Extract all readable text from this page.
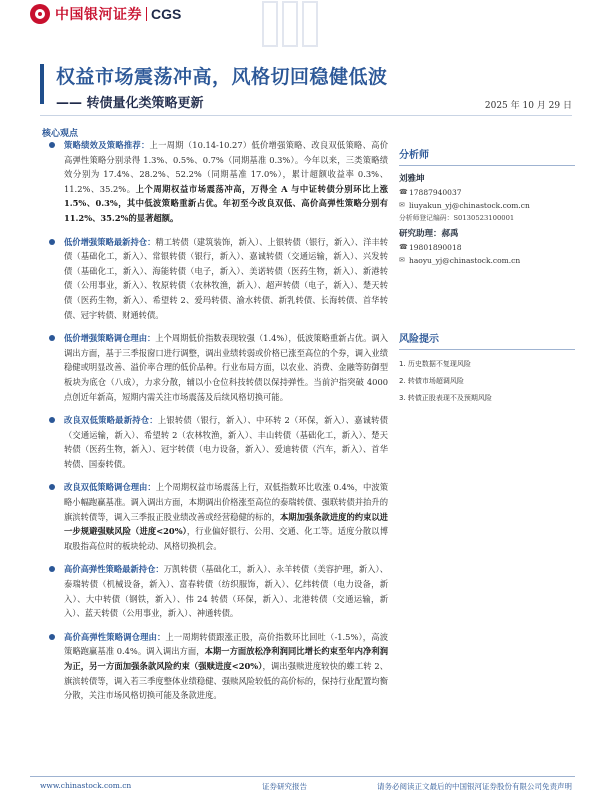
中国银河证券 CGS
权益市场震荡冲高，风格切回稳健低波
—— 转债量化类策略更新	2025 年 10 月 29 日
核心观点
策略绩效及策略推荐：上一周期（10.14-10.27）低价增强策略、改良双低策略、高价高弹性策略分别录得 1.3%、0.5%、0.7%（同期基准 0.3%）。今年以来，三类策略绩效分别为 17.4%、28.2%、52.2%（同期基准 17.0%），累计超额收益率 0.3%、11.2%、35.2%。上个周期权益市场震荡冲高，万得全 A 与中证转债分别环比上涨 1.5%、0.3%，其中低波策略重新占优。年初至今改良双低、高价高弹性策略分别有 11.2%、35.2%的显著超额。
低价增强策略最新持仓：精工转债（建筑装饰，新入）、上银转债（银行，新入）、洋丰转债（基础化工，新入）、常银转债（银行，新入）、嘉诚转债（交通运输，新入）、兴发转债（基础化工，新入）、海能转债（电子，新入）、美诺转债（医药生物，新入）、新港转债（公用事业，新入）、牧原转债（农林牧渔，新入）、超声转债（电子，新入）、楚天转债（医药生物，新入）、希望转 2、爱玛转债、渝水转债、新乳转债、长海转债、首华转债、冠宇转债、财通转债。
低价增强策略调仓理由：上个周期低价指数表现较强（1.4%），低波策略重新占优。调入调出方面，基于三季报窗口进行调整，调出业绩转弱或价格已涨至高位的个券，调入业绩稳健或明显改善、溢价率合理的低价品种。行业布局方面，以农业、消费、金融等防御型板块为底仓（八成），力求分散，辅以小仓位科技转债以保持弹性。当前沪指突破 4000 点创近年新高，短期内需关注市场震荡及后续风格切换可能。
改良双低策略最新持仓：上银转债（银行，新入）、中环转 2（环保，新入）、嘉诚转债（交通运输，新入）、希望转 2（农林牧渔，新入）、丰山转债（基础化工，新入）、楚天转债（医药生物，新入）、冠宇转债（电力设备，新入）、爱迪转债（汽车，新入）、首华转债、国泰转债。
改良双低策略调仓理由：上个周期权益市场震荡上行，双低指数环比收涨 0.4%，中波策略小幅跑赢基准。调入调出方面，本期调出价格涨至高位的泰瑞转债、强联转债并抬升的旗滨转债等，调入三季报正股业绩改善或经营稳健的标的，本期加强条款进度的约束以进一步规避强赎风险（进度<20%），行业偏好银行、公用、交通、化工等。适度分散以博取股指高位时的板块轮动、风格切换机会。
高价高弹性策略最新持仓：万凯转债（基础化工，新入）、永羊转债（美容护理，新入）、泰瑞转债（机械设备，新入）、富春转债（纺织服饰，新入）、亿纬转债（电力设备，新入）、大中转债（钢铁，新入）、伟 24 转债（环保，新入）、北港转债（交通运输，新入）、蓝天转债（公用事业，新入）、神通转债。
高价高弹性策略调仓理由：上一周期转债跟涨正股，高价指数环比回吐（-1.5%），高波策略跑赢基准 0.4%。调入调出方面，本期一方面放松净利润同比增长约束至年内净利润为正，另一方面加强条款风险约束（强赎进度<20%），调出强赎进度较快的蝶工转 2、旗滨转债等，调入若三季度整体业绩稳健、强赎风险较低的高价标的，保持行业配置均衡分散，关注市场风格切换可能及条款进度。
分析师
刘雅坤
☎ 17887940037
✉ liuyakun_yj@chinastock.com.cn
分析师登记编码：S0130523100001
研究助理：郝禹
☎ 19801890018
✉ haoyu_yj@chinastock.com.cn
风险提示
1. 历史数据不复现风险
2. 转债市场超调风险
3. 转债正股表现不及预期风险
www.chinastock.com.cn	证券研究报告	请务必阅读正文最后的中国银河证券股份有限公司免责声明
